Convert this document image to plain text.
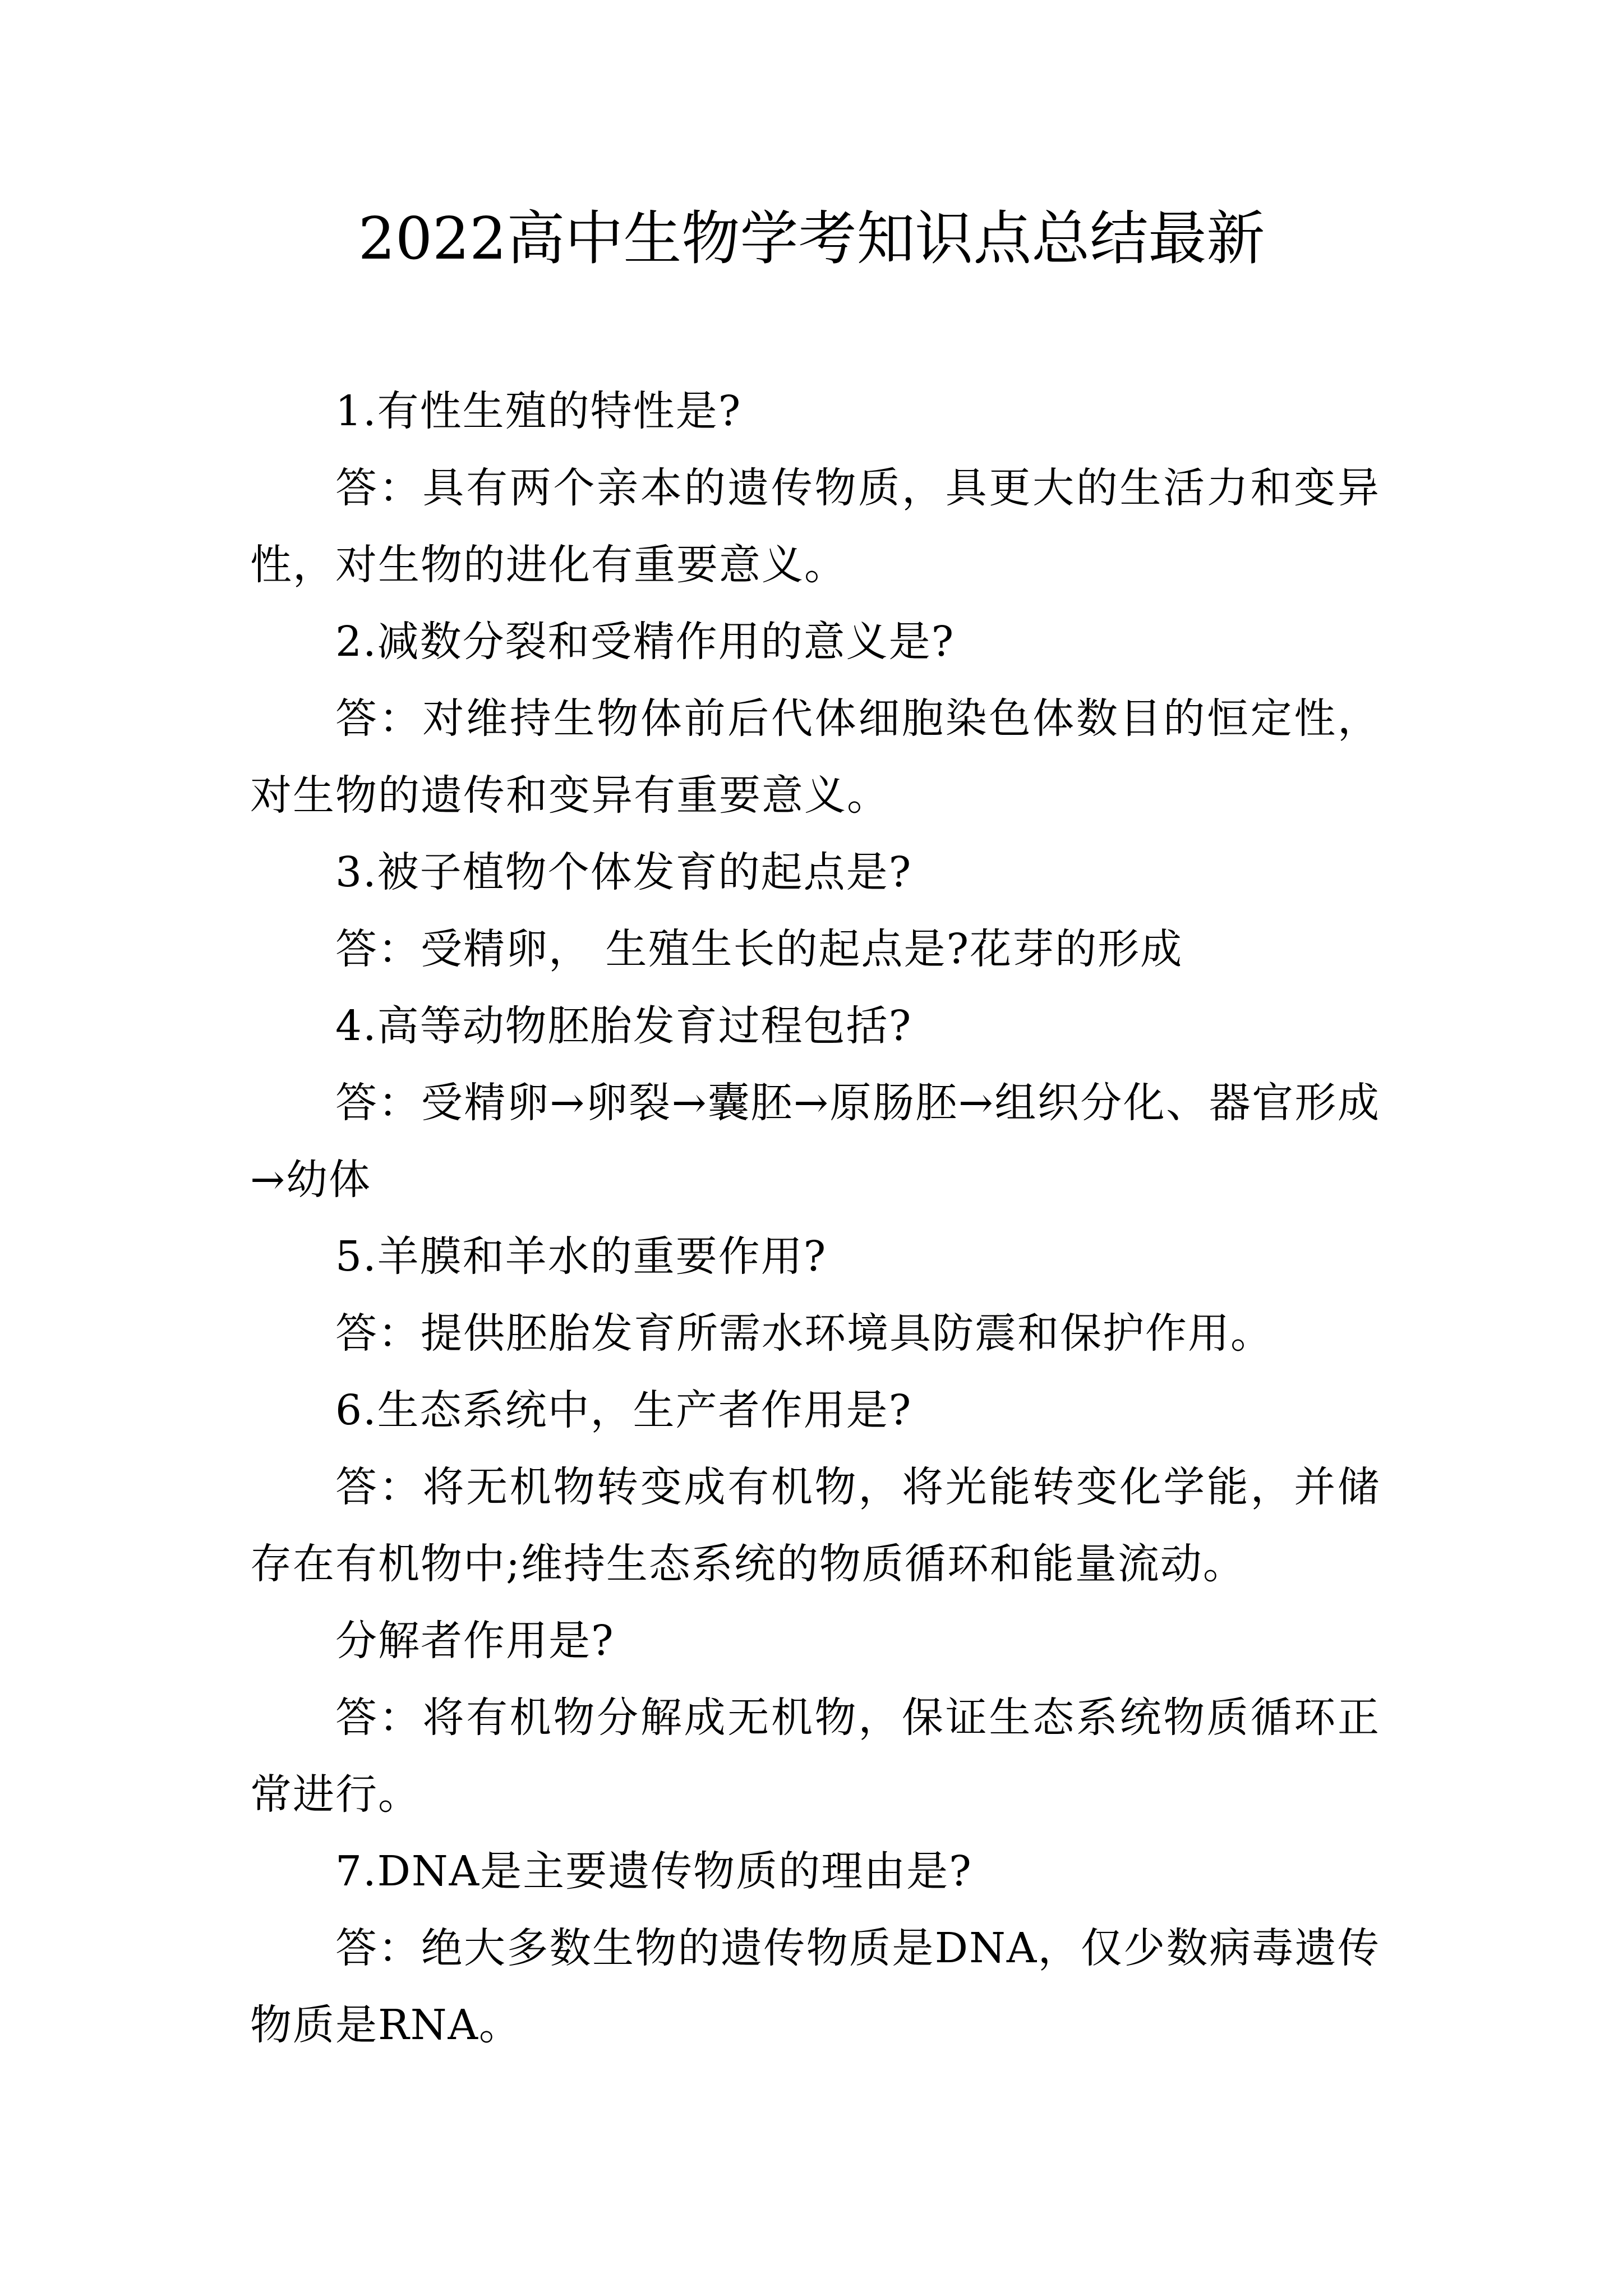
2022高中生物学考知识点总结最新

1.有性生殖的特性是?

答：具有两个亲本的遗传物质，具更大的生活力和变异性，对生物的进化有重要意义。

2.减数分裂和受精作用的意义是?

答：对维持生物体前后代体细胞染色体数目的恒定性，对生物的遗传和变异有重要意义。

3.被子植物个体发育的起点是?

答：受精卵， 生殖生长的起点是?花芽的形成

4.高等动物胚胎发育过程包括?

答：受精卵→卵裂→囊胚→原肠胚→组织分化、器官形成→幼体

5.羊膜和羊水的重要作用?

答：提供胚胎发育所需水环境具防震和保护作用。

6.生态系统中，生产者作用是?

答：将无机物转变成有机物，将光能转变化学能，并储存在有机物中;维持生态系统的物质循环和能量流动。

分解者作用是?

答：将有机物分解成无机物，保证生态系统物质循环正常进行。

7.DNA是主要遗传物质的理由是?

答：绝大多数生物的遗传物质是DNA，仅少数病毒遗传物质是RNA。
